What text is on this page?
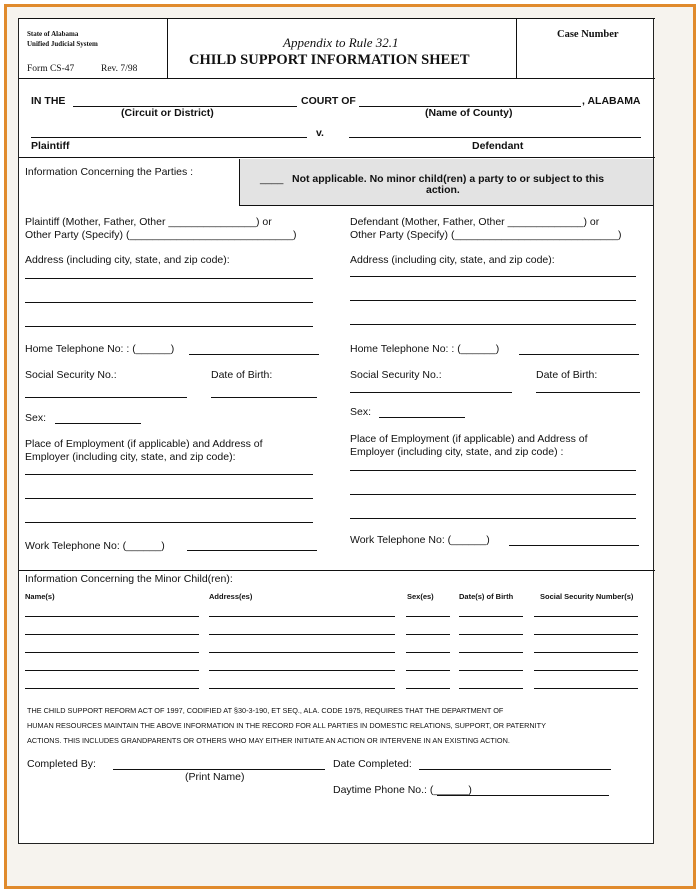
State of Alabama
Unified Judicial System
Form CS-47	Rev. 7/98
Appendix to Rule 32.1
CHILD SUPPORT INFORMATION SHEET
Case Number
IN THE	COURT OF	, ALABAMA
(Circuit or District)	(Name of County)
v.
Plaintiff	Defendant
Information Concerning the Parties :
____ Not applicable. No minor child(ren) a party to or subject to this
action.
Plaintiff (Mother, Father, Other _______________) or
Other Party (Specify) (____________________________)
Address (including city, state, and zip code):
Home Telephone No: : (______)
Social Security No.:	Date of Birth:
Sex:
Place of Employment (if applicable) and Address of
Employer (including city, state, and zip code):
Work Telephone No: (______)
Defendant (Mother, Father, Other _____________) or
Other Party (Specify) (____________________________)
Address (including city, state, and zip code):
Home Telephone No: : (______)
Social Security No.:	Date of Birth:
Sex:
Place of Employment (if applicable) and Address of
Employer (including city, state, and zip code) :
Work Telephone No: (______)
Information Concerning the Minor Child(ren):
Name(s)	Address(es)	Sex(es)	Date(s) of Birth	Social Security Number(s)
THE CHILD SUPPORT REFORM ACT OF 1997, CODIFIED AT §30-3-190, ET SEQ., ALA. CODE 1975, REQUIRES THAT THE DEPARTMENT OF
HUMAN RESOURCES MAINTAIN THE ABOVE INFORMATION IN THE RECORD FOR ALL PARTIES IN DOMESTIC RELATIONS, SUPPORT, OR PATERNITY
ACTIONS. THIS INCLUDES GRANDPARENTS OR OTHERS WHO MAY EITHER INITIATE AN ACTION OR INTERVENE IN AN EXISTING ACTION.
Completed By:
(Print Name)
Date Completed:
Daytime Phone No.: (______)
